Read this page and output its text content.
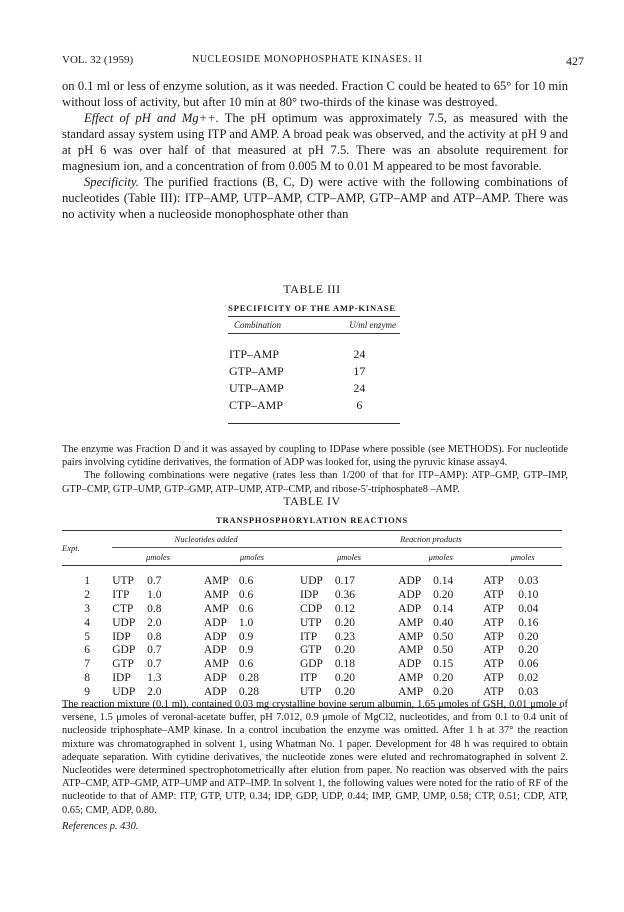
VOL. 32 (1959)	NUCLEOSIDE MONOPHOSPHATE KINASES. II	427

on 0.1 ml or less of enzyme solution, as it was needed. Fraction C could be heated to 65° for 10 min without loss of activity, but after 10 min at 80° two-thirds of the kinase was destroyed.

Effect of pH and Mg++. The pH optimum was approximately 7.5, as measured with the standard assay system using ITP and AMP. A broad peak was observed, and the activity at pH 9 and at pH 6 was over half of that measured at pH 7.5. There was an absolute requirement for magnesium ion, and a concentration of from 0.005 M to 0.01 M appeared to be most favorable.

Specificity. The purified fractions (B, C, D) were active with the following combinations of nucleotides (Table III): ITP–AMP, UTP–AMP, CTP–AMP, GTP–AMP and ATP–AMP. There was no activity when a nucleoside monophosphate other than

TABLE III
SPECIFICITY OF THE AMP-KINASE
Combination	U/ml enzyme

ITP–AMP	24
GTP–AMP	17
UTP–AMP	24
CTP–AMP	6

The enzyme was Fraction D and it was assayed by coupling to IDPase where possible (see METHODS). For nucleotide pairs involving cytidine derivatives, the formation of ADP was looked for, using the pyruvic kinase assay4.

The following combinations were negative (rates less than 1/200 of that for ITP–AMP): ATP–GMP, GTP–IMP, GTP–CMP, GTP–UMP, GTP–GMP, ATP–UMP, ATP–CMP, and ribose-5'-triphosphate8 –AMP.

TABLE IV
TRANSPHOSPHORYLATION REACTIONS
Expt.	Nucleotides added				Reaction products					
	μmoles		μmoles		μmoles		μmoles		μmoles	

1	UTP	0.7	AMP	0.6	UDP	0.17	ADP	0.14	ATP	0.03
2	ITP	1.0	AMP	0.6	IDP	0.36	ADP	0.20	ATP	0.10
3	CTP	0.8	AMP	0.6	CDP	0.12	ADP	0.14	ATP	0.04
4	UDP	2.0	ADP	1.0	UTP	0.20	AMP	0.40	ATP	0.16
5	IDP	0.8	ADP	0.9	ITP	0.23	AMP	0.50	ATP	0.20
6	GDP	0.7	ADP	0.9	GTP	0.20	AMP	0.50	ATP	0.20
7	GTP	0.7	AMP	0.6	GDP	0.18	ADP	0.15	ATP	0.06
8	IDP	1.3	ADP	0.28	ITP	0.20	AMP	0.20	ATP	0.02
9	UDP	2.0	ADP	0.28	UTP	0.20	AMP	0.20	ATP	0.03

The reaction mixture (0.1 ml), contained 0.03 mg crystalline bovine serum albumin, 1.65 μmoles of GSH, 0.01 μmole of versene, 1.5 μmoles of veronal-acetate buffer, pH 7.012, 0.9 μmole of MgCl2, nucleotides, and from 0.1 to 0.4 unit of nucleoside triphosphate–AMP kinase. In a control incubation the enzyme was omitted. After 1 h at 37° the reaction mixture was chromatographed in solvent 1, using Whatman No. 1 paper. Development for 48 h was required to obtain adequate separation. With cytidine derivatives, the nucleotide zones were eluted and rechromatographed in solvent 2. Nucleotides were determined spectrophotometrically after elution from paper. No reaction was observed with the pairs ATP–CMP, ATP–GMP, ATP–UMP and ATP–IMP. In solvent 1, the following values were noted for the ratio of RF of the nucleotide to that of AMP: ITP, GTP, UTP, 0.34; IDP, GDP, UDP, 0.44; IMP, GMP, UMP, 0.58; CTP, 0.51; CDP, ATP, 0.65; CMP, ADP, 0.80.

References p. 430.
